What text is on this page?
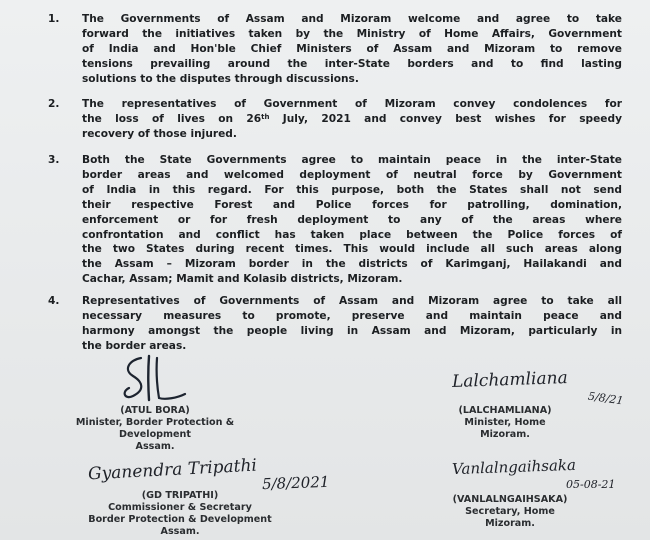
1. The Governments of Assam and Mizoram welcome and agree to take
forward the initiatives taken by the Ministry of Home Affairs, Government
of India and Hon'ble Chief Ministers of Assam and Mizoram to remove
tensions prevailing around the inter-State borders and to find lasting
solutions to the disputes through discussions.
2. The representatives of Government of Mizoram convey condolences for
the loss of lives on 26th July, 2021 and convey best wishes for speedy
recovery of those injured.
3. Both the State Governments agree to maintain peace in the inter-State
border areas and welcomed deployment of neutral force by Government
of India in this regard. For this purpose, both the States shall not send
their respective Forest and Police forces for patrolling, domination,
enforcement or for fresh deployment to any of the areas where
confrontation and conflict has taken place between the Police forces of
the two States during recent times. This would include all such areas along
the Assam – Mizoram border in the districts of Karimganj, Hailakandi and
Cachar, Assam; Mamit and Kolasib districts, Mizoram.
4. Representatives of Governments of Assam and Mizoram agree to take all
necessary measures to promote, preserve and maintain peace and
harmony amongst the people living in Assam and Mizoram, particularly in
the border areas.
(ATUL BORA)
Minister, Border Protection & Development
Assam.
Lalchamliana
5/8/21
(LALCHAMLIANA)
Minister, Home
Mizoram.
Gyanendra Tripathi 5/8/2021
(GD TRIPATHI)
Commissioner & Secretary
Border Protection & Development
Assam.
Vanlalngaihsaka
05-08-21
(VANLALNGAIHSAKA)
Secretary, Home
Mizoram.
